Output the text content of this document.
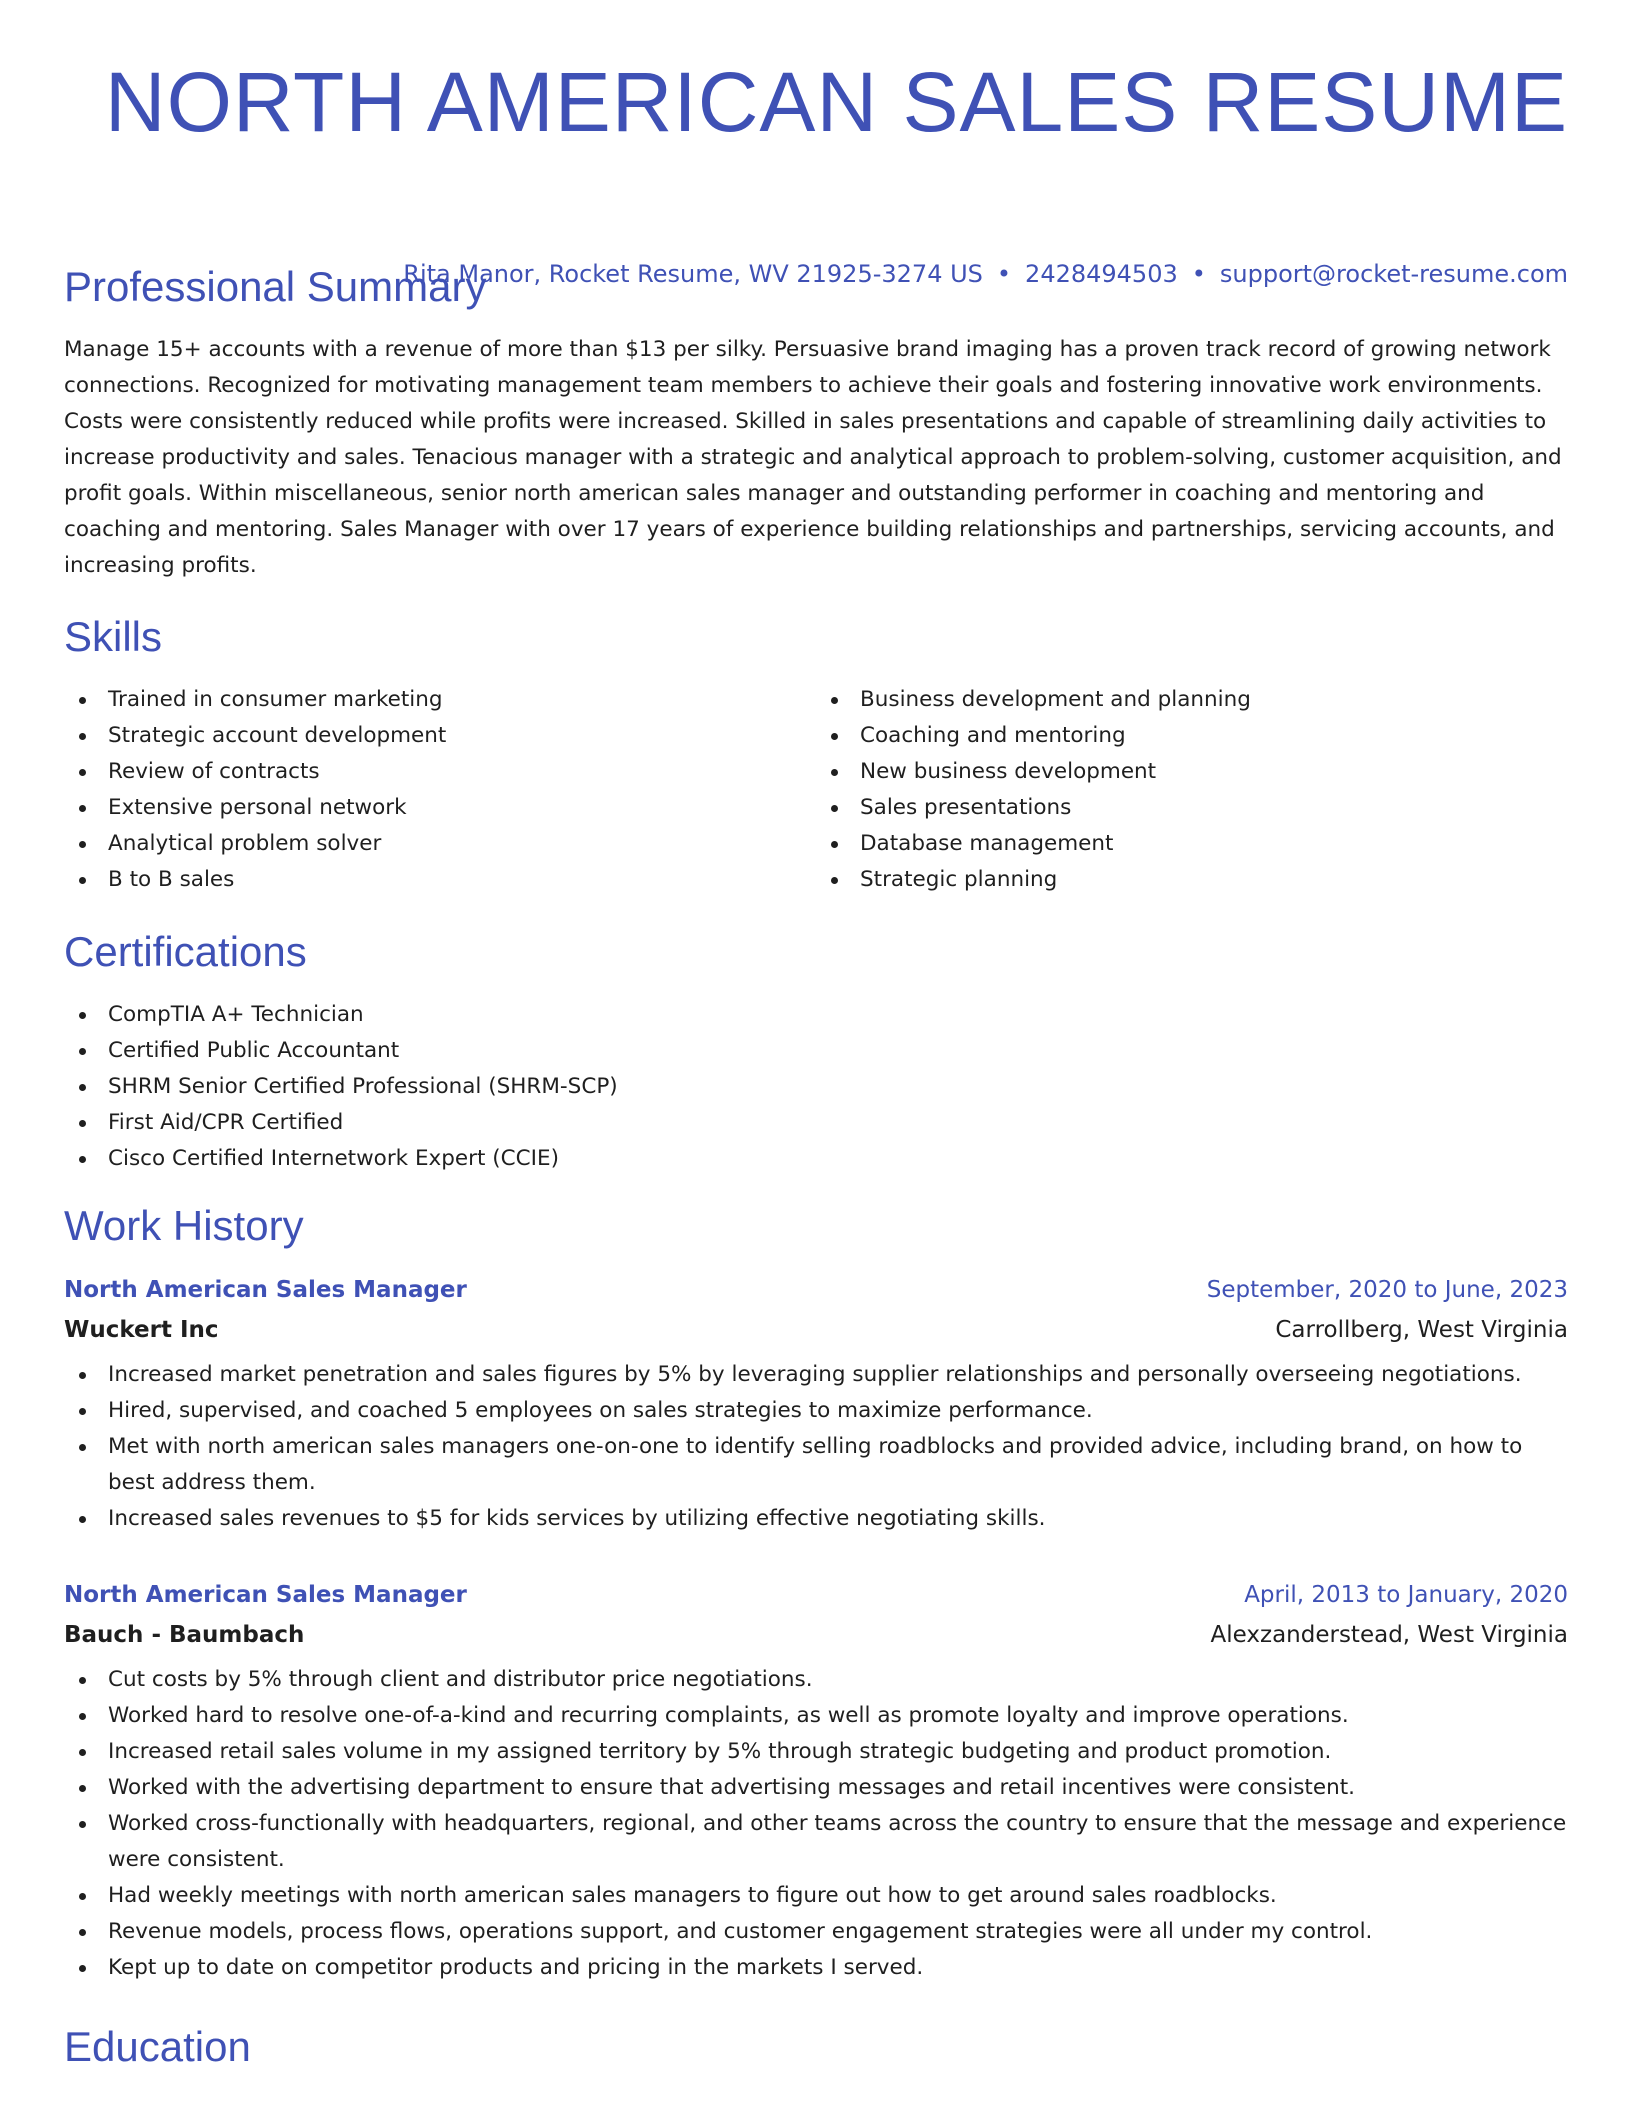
NORTH AMERICAN SALES RESUME
Rita Manor, Rocket Resume, WV 21925-3274 US • 2428494503 • support@rocket-resume.com
Professional Summary

Manage 15+ accounts with a revenue of more than $13 per silky. Persuasive brand imaging has a proven track record of growing network connections. Recognized for motivating management team members to achieve their goals and fostering innovative work environments. Costs were consistently reduced while profits were increased. Skilled in sales presentations and capable of streamlining daily activities to increase productivity and sales. Tenacious manager with a strategic and analytical approach to problem-solving, customer acquisition, and profit goals. Within miscellaneous, senior north american sales manager and outstanding performer in coaching and mentoring and coaching and mentoring. Sales Manager with over 17 years of experience building relationships and partnerships, servicing accounts, and increasing profits.

Skills
Trained in consumer marketing
Strategic account development
Review of contracts
Extensive personal network
Analytical problem solver
B to B sales
Business development and planning
Coaching and mentoring
New business development
Sales presentations
Database management
Strategic planning
Certifications
CompTIA A+ Technician
Certified Public Accountant
SHRM Senior Certified Professional (SHRM-SCP)
First Aid/CPR Certified
Cisco Certified Internetwork Expert (CCIE)
Work History
North American Sales Manager	September, 2020 to June, 2023
Wuckert Inc	Carrollberg, West Virginia
Increased market penetration and sales figures by 5% by leveraging supplier relationships and personally overseeing negotiations.
Hired, supervised, and coached 5 employees on sales strategies to maximize performance.
Met with north american sales managers one-on-one to identify selling roadblocks and provided advice, including brand, on how to best address them.
Increased sales revenues to $5 for kids services by utilizing effective negotiating skills.
North American Sales Manager	April, 2013 to January, 2020
Bauch - Baumbach	Alexzanderstead, West Virginia
Cut costs by 5% through client and distributor price negotiations.
Worked hard to resolve one-of-a-kind and recurring complaints, as well as promote loyalty and improve operations.
Increased retail sales volume in my assigned territory by 5% through strategic budgeting and product promotion.
Worked with the advertising department to ensure that advertising messages and retail incentives were consistent.
Worked cross-functionally with headquarters, regional, and other teams across the country to ensure that the message and experience were consistent.
Had weekly meetings with north american sales managers to figure out how to get around sales roadblocks.
Revenue models, process flows, operations support, and customer engagement strategies were all under my control.
Kept up to date on competitor products and pricing in the markets I served.
Education
